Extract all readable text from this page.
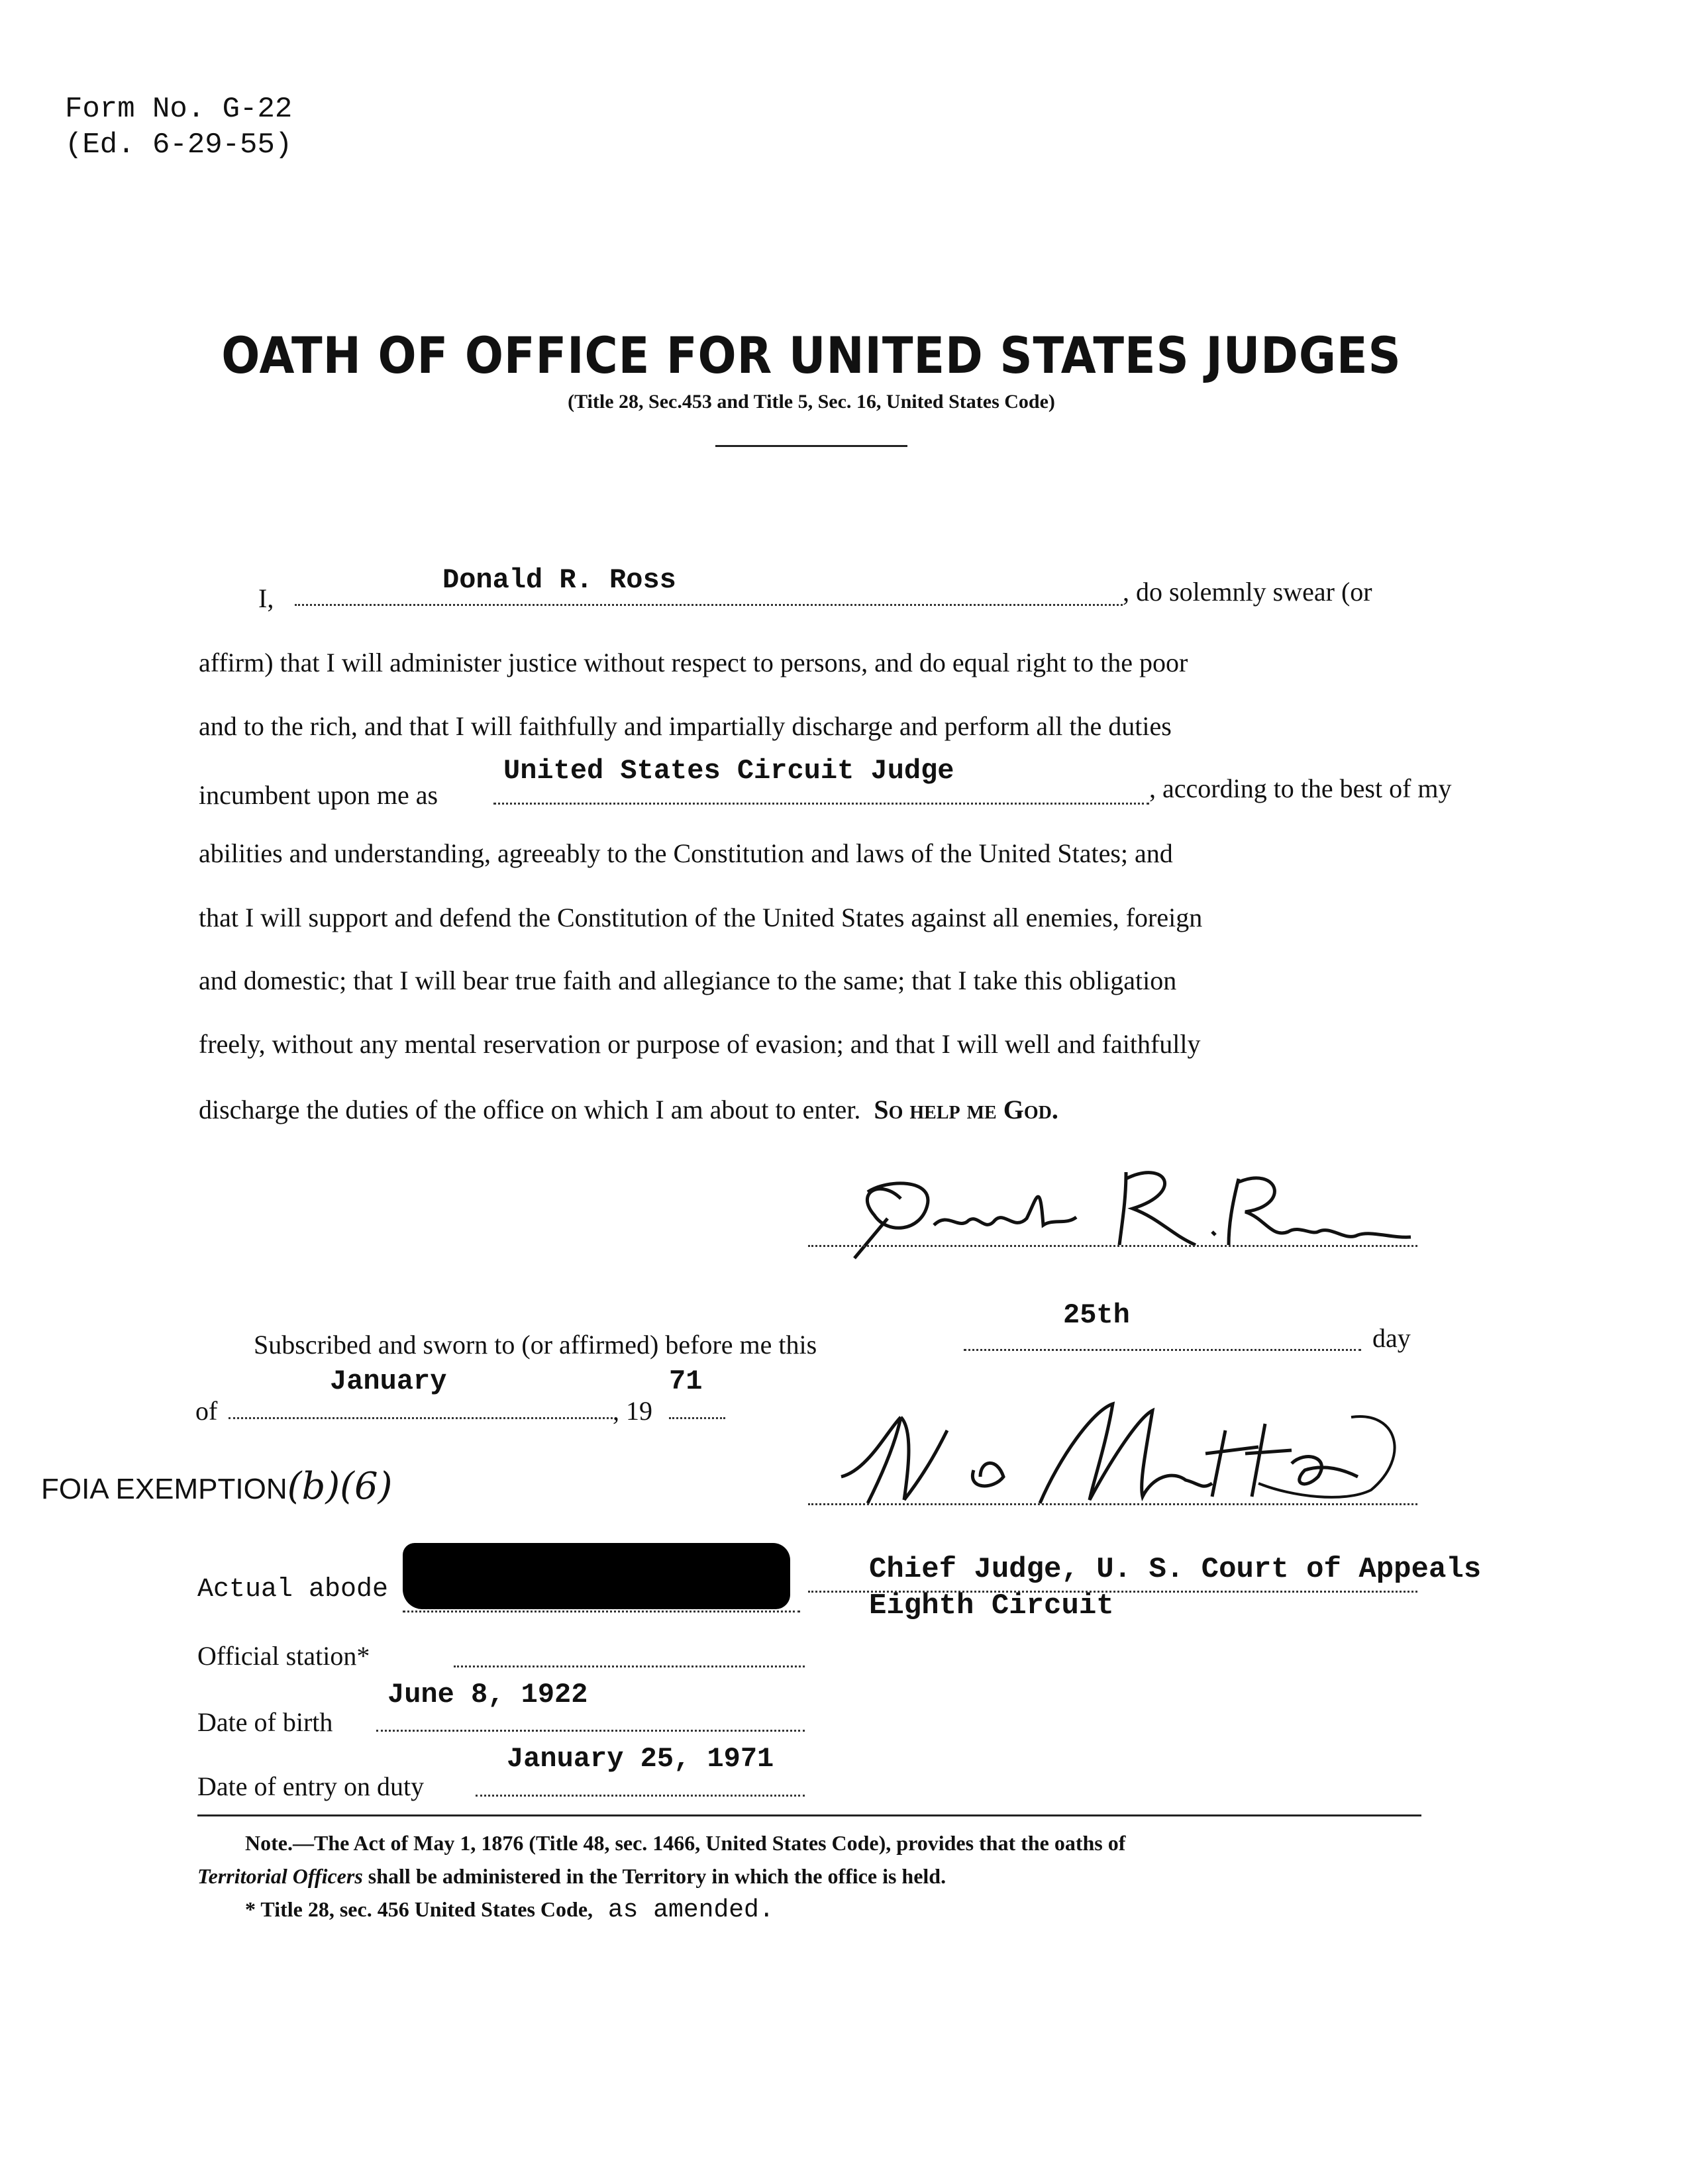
Form No. G-22
(Ed. 6-29-55)
OATH OF OFFICE FOR UNITED STATES JUDGES
(Title 28, Sec.453 and Title 5, Sec. 16, United States Code)
I,
Donald R. Ross	, do solemnly swear (or
affirm) that I will administer justice without respect to persons, and do equal right to the poor
and to the rich, and that I will faithfully and impartially discharge and perform all the duties
incumbent upon me as
United States Circuit Judge
, according to the best of my
abilities and understanding, agreeably to the Constitution and laws of the United States; and
that I will support and defend the Constitution of the United States against all enemies, foreign
and domestic; that I will bear true faith and allegiance to the same; that I take this obligation
freely, without any mental reservation or purpose of evasion; and that I will well and faithfully
discharge the duties of the office on which I am about to enter. So help me God.
Subscribed and sworn to (or affirmed) before me this
25th
day
of
January
, 19
71
FOIA EXEMPTION(b)(6)
Chief Judge, U. S. Court of Appeals
Eighth Circuit
Actual abode
Official station*
June 8, 1922
Date of birth
January 25, 1971
Date of entry on duty
Note.—The Act of May 1, 1876 (Title 48, sec. 1466, United States Code), provides that the oaths of
Territorial Officers shall be administered in the Territory in which the office is held.
* Title 28, sec. 456 United States Code, as amended.
